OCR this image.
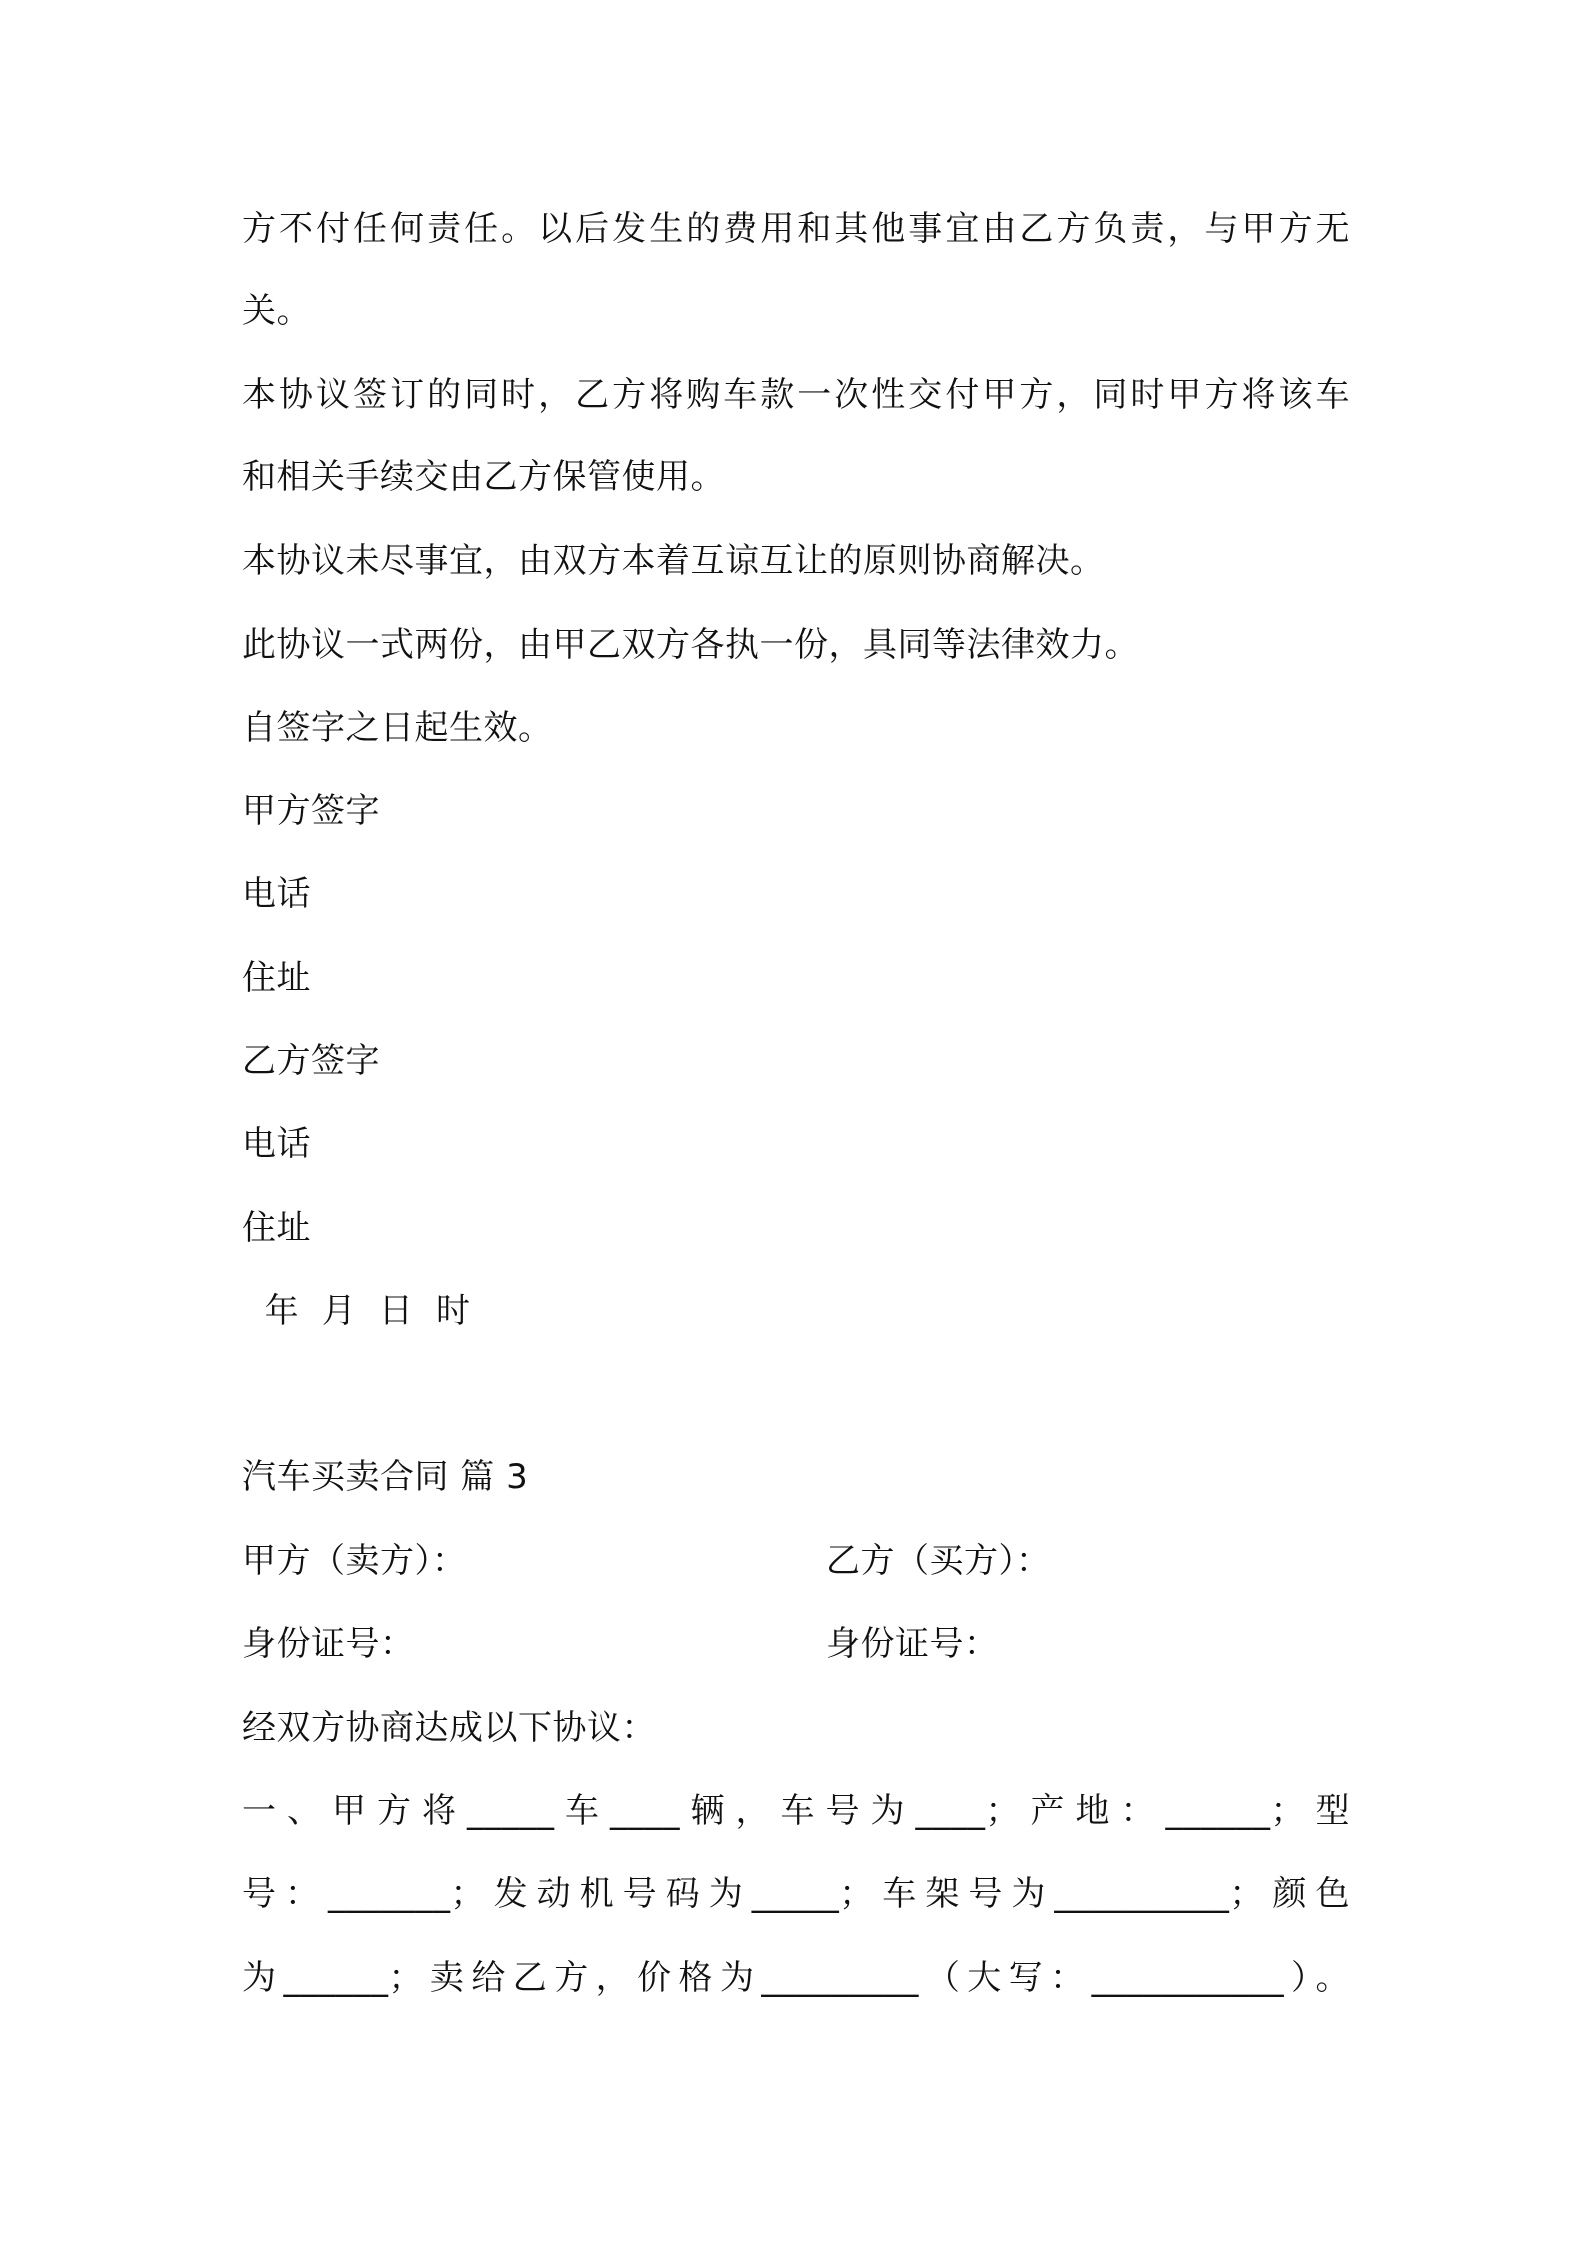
方不付任何责任。以后发生的费用和其他事宜由乙方负责，与甲方无
关。
本协议签订的同时，乙方将购车款一次性交付甲方，同时甲方将该车
和相关手续交由乙方保管使用。
本协议未尽事宜，由双方本着互谅互让的原则协商解决。
此协议一式两份，由甲乙双方各执一份，具同等法律效力。
自签字之日起生效。
甲方签字
电话
住址
乙方签字
电话
住址
年  月  日  时
汽车买卖合同 篇 3
甲方（卖方）：	乙方（买方）：
身份证号：	身份证号：
经双方协商达成以下协议：
一、甲方将_____车____辆，车号为____；产地：______；型
号：_______；发动机号码为_____；车架号为__________；颜色
为______；卖给乙方，价格为_________（大写：___________）。
